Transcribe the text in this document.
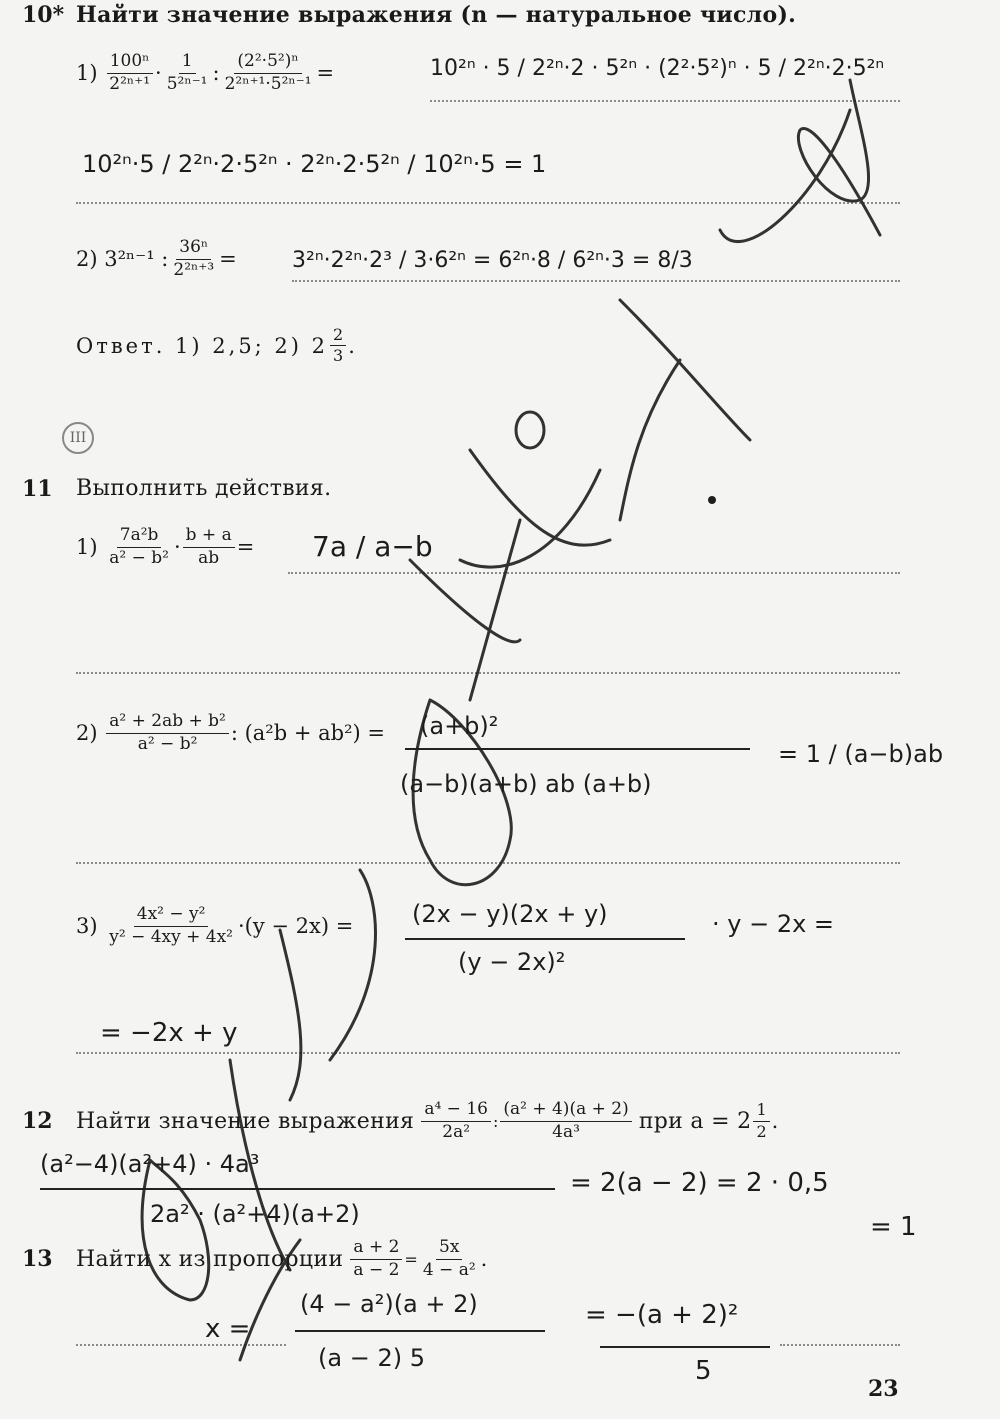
10* Найти значение выражения (n — натуральное число).
1)
$\frac{\text{100ⁿ}}{\text{2²ⁿ⁺¹}} \cdot \frac{1}{\text{5²ⁿ⁻¹}}$ : $\frac{\text{(2²·5²)ⁿ}}{\text{2²ⁿ⁺¹·5²ⁿ⁻¹}}$ =	10²ⁿ · 5 / 2²ⁿ·2 · 5²ⁿ · (2²·5²)ⁿ · 5 / 2²ⁿ·2·5²ⁿ
10²ⁿ·5 / 2²ⁿ·2·5²ⁿ · 2²ⁿ·2·5²ⁿ / 10²ⁿ·5 = 1
2)
3²ⁿ⁻¹ : $\frac{\text{36ⁿ}}{\text{2²ⁿ⁺³}}$ =	3²ⁿ·2²ⁿ·2³ / 3·6²ⁿ = 6²ⁿ·8 / 6²ⁿ·3 = 8/3
Ответ. 1) 2,5; 2) $2 \frac{2}{3}$ .
III
11 Выполнить действия.
1)
$\frac{\text{7a²b}}{\text{a² − b²}} \cdot \frac{b + a}{ab} = 7a / a-b$
2)
$\frac{\text{a² + 2ab + b²}}{\text{a² − b²}}$ : (a²b + ab²) = (a+b)²
(a−b)(a+b) ab (a+b)
= 1 / (a−b)ab
3)
$\frac{\text{4x² − y²}}{\text{y² − 4xy + 4x²}} \cdot(y - 2x) = (2x - y)(2x + y)$
(y − 2x)²
· y − 2x =
= −2x + y
12	Найти значение выражения
$\frac{\text{a⁴ − 16}}{\text{2a²}}$ : $\frac{\text{(a² + 4)(a + 2)}}{\text{4a³}}$
при $a = 2 \frac{1}{2}$ .
(a²−4)(a²+4) · 4a³
2a² · (a²+4)(a+2)
= 2(a − 2) = 2 · 0,5
= 1
13	Найти x из пропорции
$\frac{a + 2}{a - 2} = \frac{5x}{\text{4 − a²}}$ .
x =
(4 − a²)(a + 2)
(a − 2) 5
= −(a + 2)²
5
23
